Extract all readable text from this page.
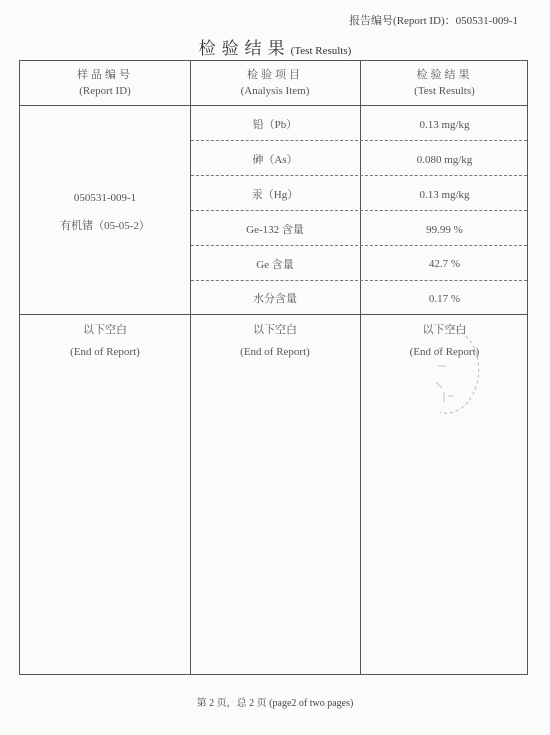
报告编号(Report ID)：050531-009-1
检验结果(Test Results)
样品编号
(Report ID)
检验项目
(Analysis Item)
检验结果
(Test Results)
050531-009-1
有机锗（05-05-2）
铅（Pb）
砷（As）
汞（Hg）
Ge-132 含量
Ge 含量
水分含量
0.13 mg/kg
0.080 mg/kg
0.13 mg/kg
99.99 %
42.7 %
0.17 %
以下空白
(End of Report)
以下空白
(End of Report)
以下空白
(End of Report)
第 2 页，总 2 页 (page2 of two pages)
